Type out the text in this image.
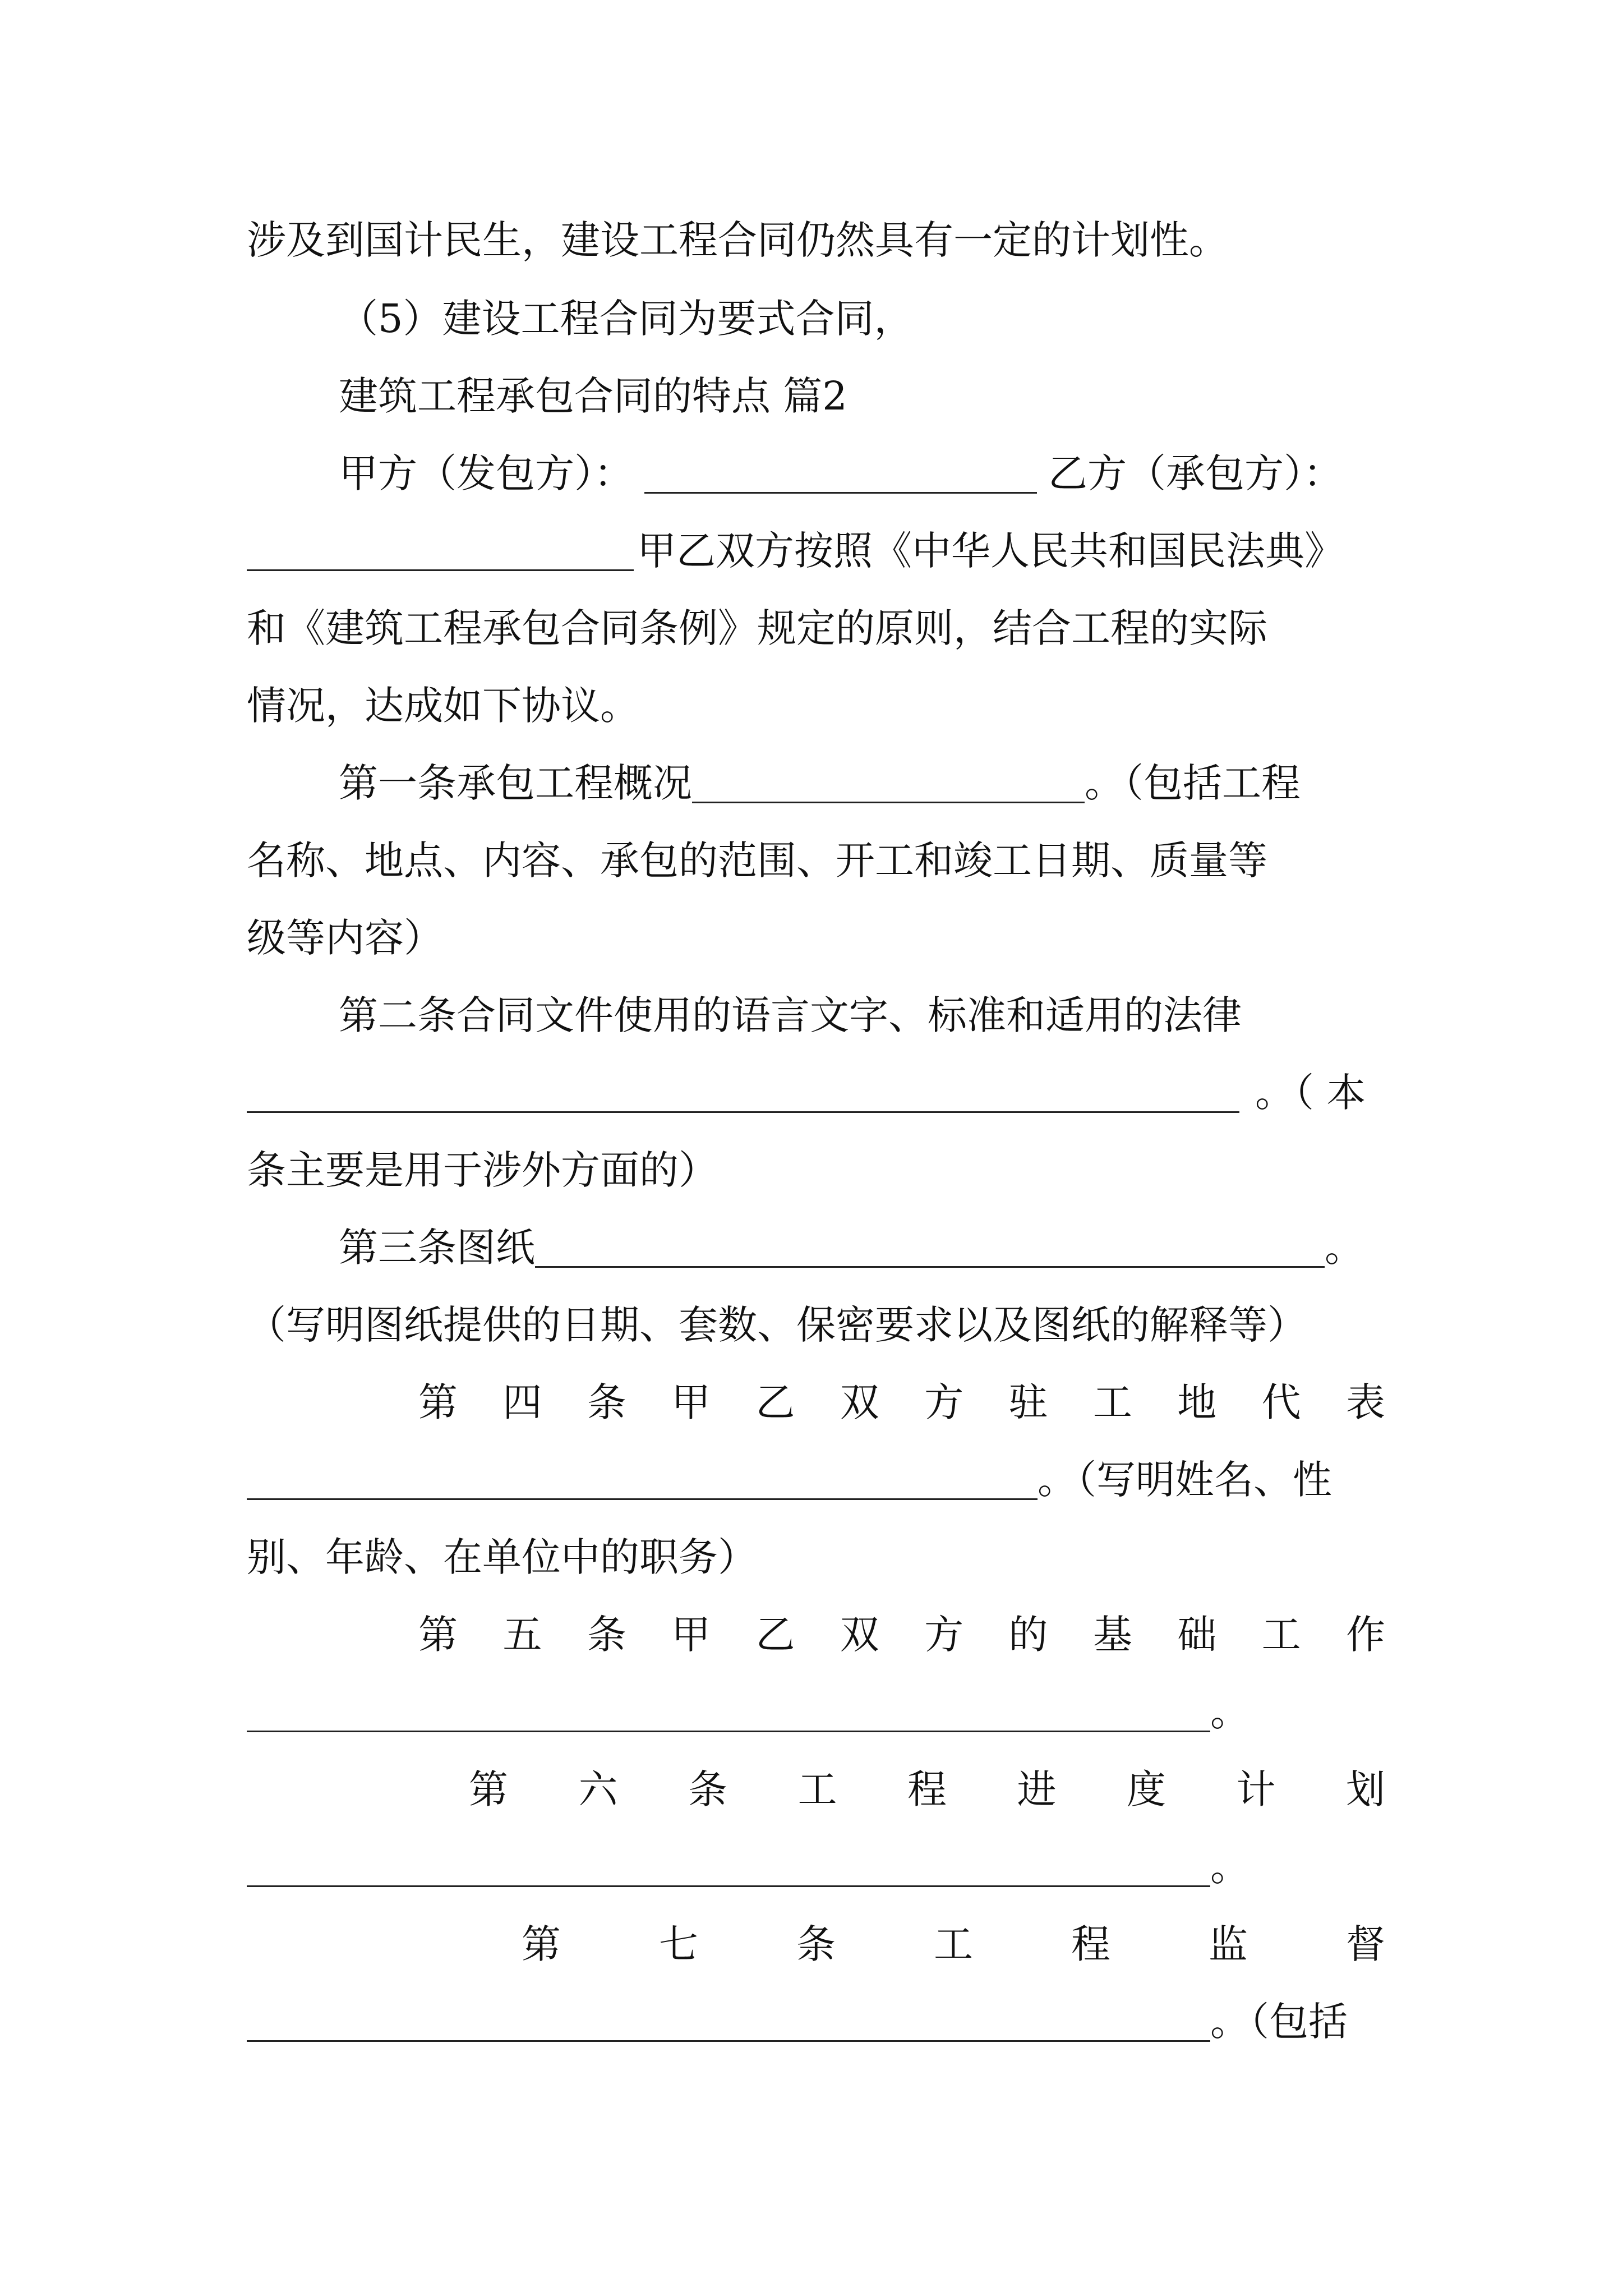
涉及到国计民生，建设工程合同仍然具有一定的计划性。
（5）建设工程合同为要式合同，
建筑工程承包合同的特点 篇2
甲方（发包方）：	乙方（承包方）：
甲乙双方按照《中华人民共和国民法典》
和《建筑工程承包合同条例》规定的原则，结合工程的实际
情况，达成如下协议。
第一条承包工程概况	。（包括工程
名称、地点、内容、承包的范围、开工和竣工日期、质量等
级等内容）
第二条合同文件使用的语言文字、标准和适用的法律
。（ 本
条主要是用于涉外方面的）
第三条图纸	。
（写明图纸提供的日期、套数、保密要求以及图纸的解释等）
第 四 条 甲 乙 双 方 驻 工 地 代 表
。（写明姓名、性
别、年龄、在单位中的职务）
第 五 条 甲 乙 双 方 的 基 础 工 作
。
第 六 条 工 程 进 度 计 划
。
第	七	条	工	程	监	督
。（包括
